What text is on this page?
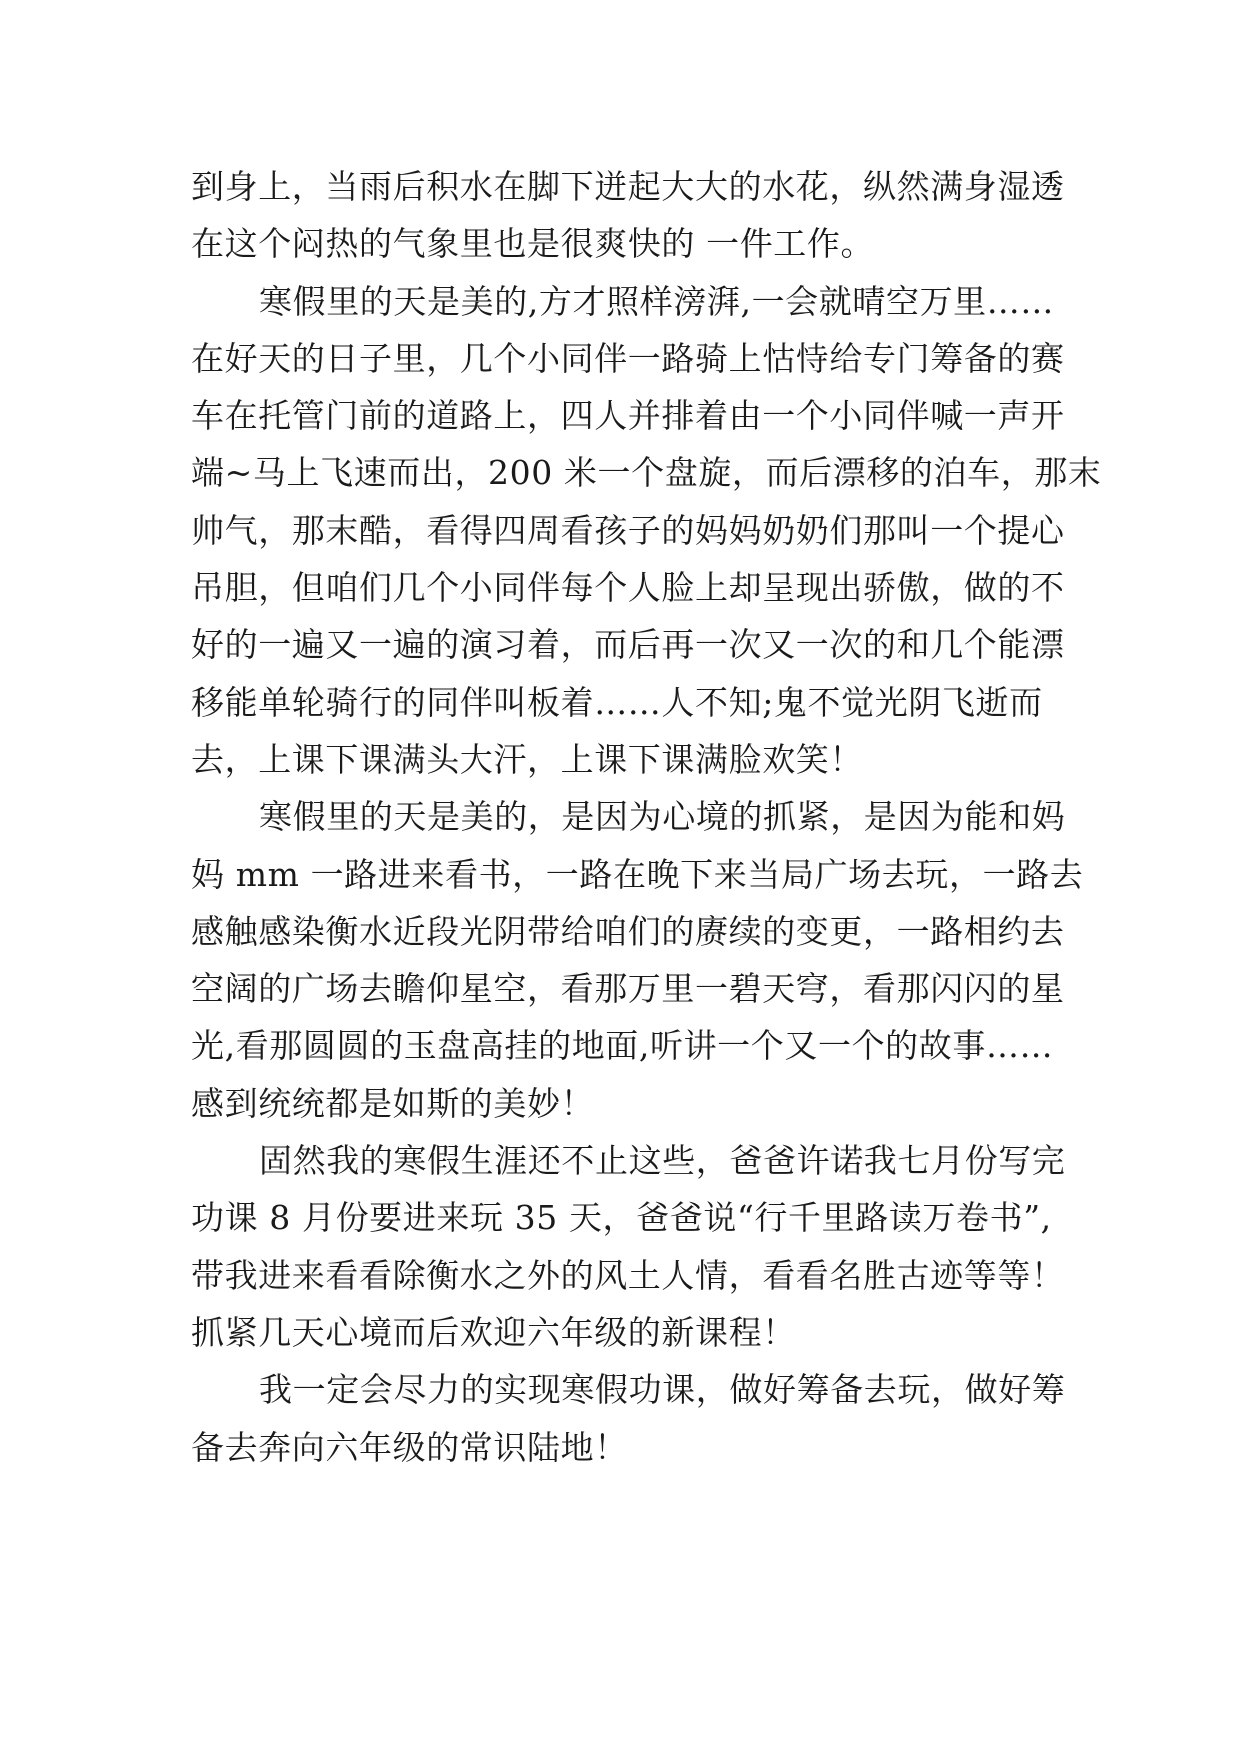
到身上，当雨后积水在脚下迸起大大的水花，纵然满身湿透
在这个闷热的气象里也是很爽快的 一件工作。
寒假里的天是美的,方才照样滂湃,一会就晴空万里……
在好天的日子里，几个小同伴一路骑上怙恃给专门筹备的赛
车在托管门前的道路上，四人并排着由一个小同伴喊一声开
端~马上飞速而出，200 米一个盘旋，而后漂移的泊车，那末
帅气，那末酷，看得四周看孩子的妈妈奶奶们那叫一个提心
吊胆，但咱们几个小同伴每个人脸上却呈现出骄傲，做的不
好的一遍又一遍的演习着，而后再一次又一次的和几个能漂
移能单轮骑行的同伴叫板着……人不知;鬼不觉光阴飞逝而
去，上课下课满头大汗，上课下课满脸欢笑！
寒假里的天是美的，是因为心境的抓紧，是因为能和妈
妈 mm 一路进来看书，一路在晚下来当局广场去玩，一路去
感触感染衡水近段光阴带给咱们的赓续的变更，一路相约去
空阔的广场去瞻仰星空，看那万里一碧天穹，看那闪闪的星
光,看那圆圆的玉盘高挂的地面,听讲一个又一个的故事……
感到统统都是如斯的美妙！
固然我的寒假生涯还不止这些，爸爸许诺我七月份写完
功课 8 月份要进来玩 35 天，爸爸说“行千里路读万卷书”,
带我进来看看除衡水之外的风土人情，看看名胜古迹等等！
抓紧几天心境而后欢迎六年级的新课程！
我一定会尽力的实现寒假功课，做好筹备去玩，做好筹
备去奔向六年级的常识陆地！
